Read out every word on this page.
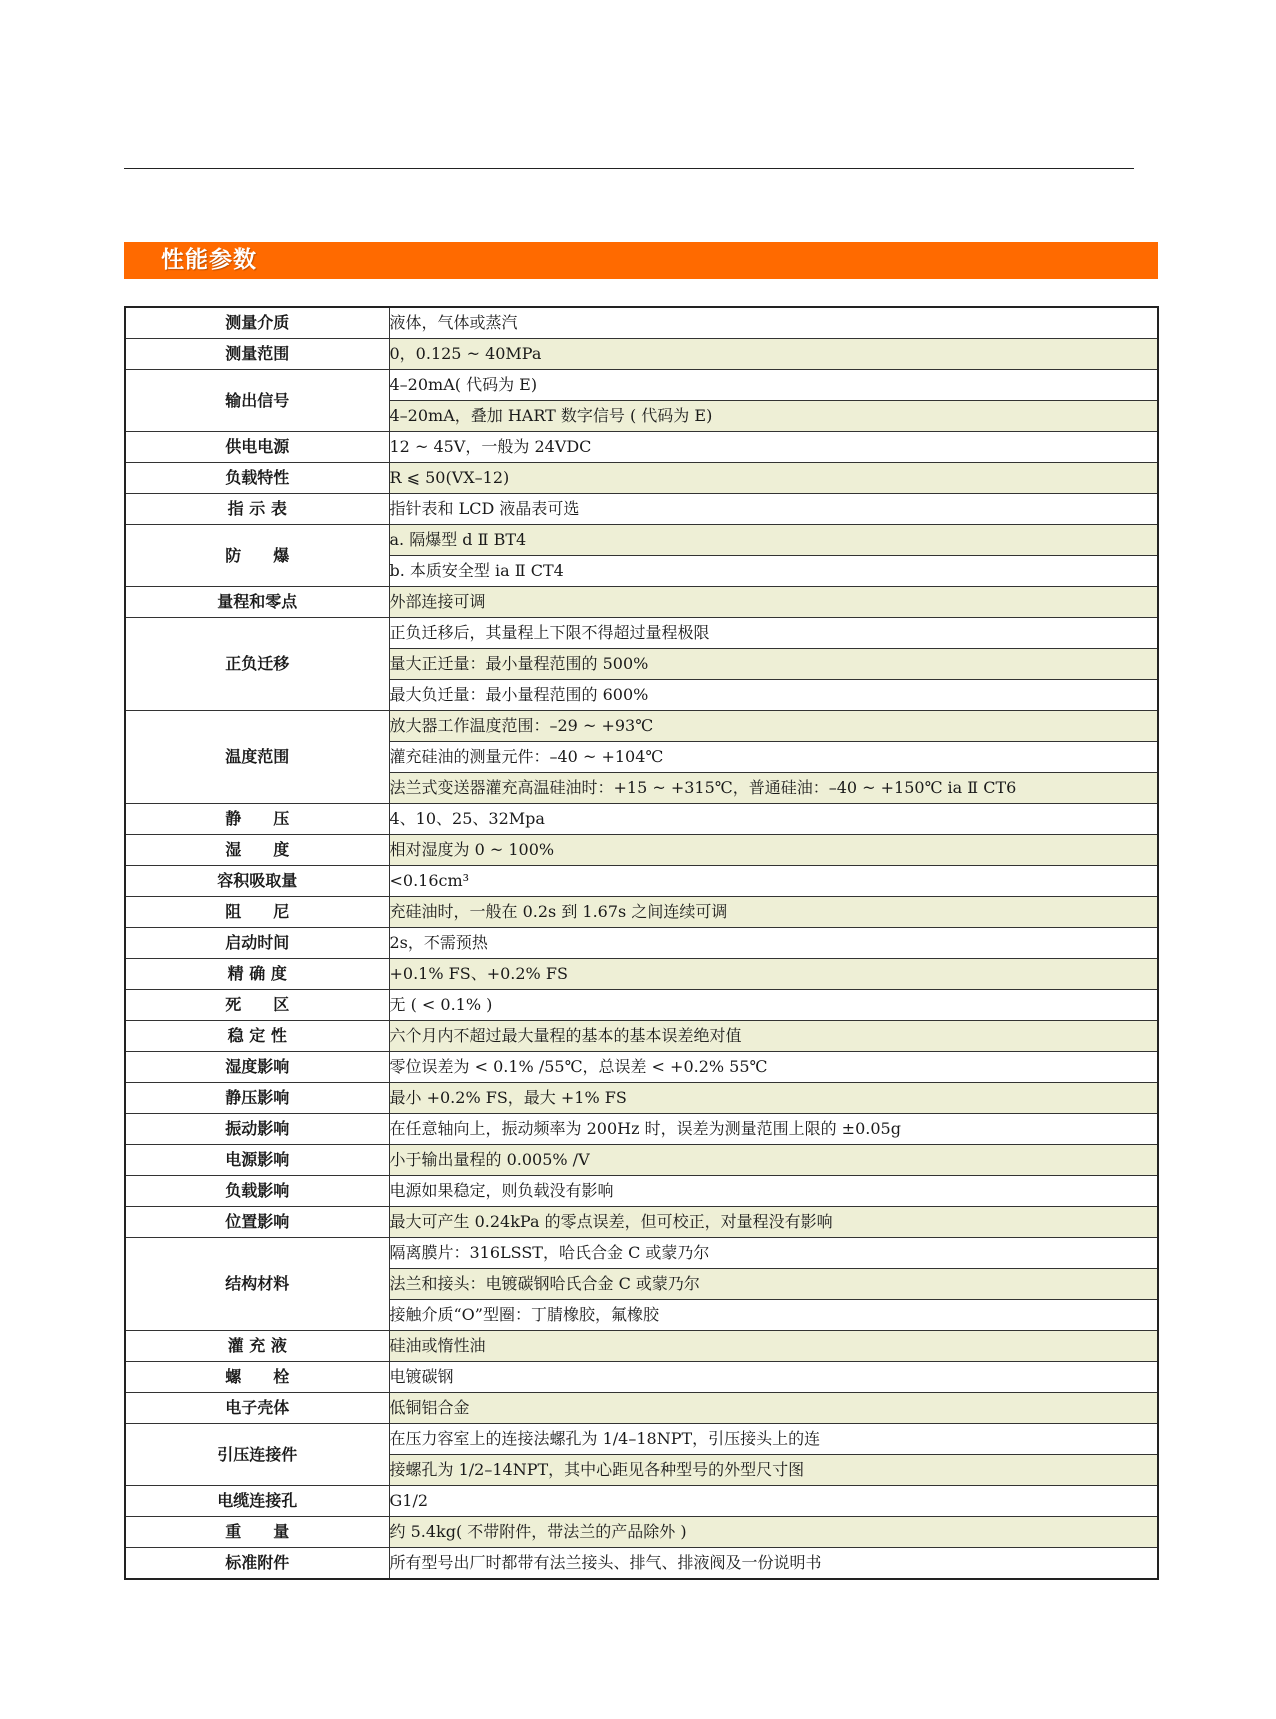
性能参数
测量介质	液体，气体或蒸汽
测量范围	0，0.125 ~ 40MPa
输出信号	4–20mA( 代码为 E)
	4–20mA，叠加 HART 数字信号 ( 代码为 E)
供电电源	12 ~ 45V，一般为 24VDC
负载特性	R ⩽ 50(VX–12)
指 示 表	指针表和 LCD 液晶表可选
防　　爆	a. 隔爆型 d Ⅱ BT4
	b. 本质安全型 ia Ⅱ CT4
量程和零点	外部连接可调
正负迁移	正负迁移后，其量程上下限不得超过量程极限
	量大正迁量：最小量程范围的 500%
	最大负迁量：最小量程范围的 600%
温度范围	放大器工作温度范围：–29 ~ +93℃
	灌充硅油的测量元件：–40 ~ +104℃
	法兰式变送器灌充高温硅油时：+15 ~ +315℃，普通硅油：–40 ~ +150℃ ia Ⅱ CT6
静　　压	4、10、25、32Mpa
湿　　度	相对湿度为 0 ~ 100%
容积吸取量	<0.16cm³
阻　　尼	充硅油时，一般在 0.2s 到 1.67s 之间连续可调
启动时间	2s，不需预热
精 确 度	+0.1% FS、+0.2% FS
死　　区	无 ( < 0.1% )
稳 定 性	六个月内不超过最大量程的基本的基本误差绝对值
湿度影响	零位误差为 < 0.1% /55℃，总误差 < +0.2% 55℃
静压影响	最小 +0.2% FS，最大 +1% FS
振动影响	在任意轴向上，振动频率为 200Hz 时，误差为测量范围上限的 ±0.05g
电源影响	小于输出量程的 0.005% /V
负载影响	电源如果稳定，则负载没有影响
位置影响	最大可产生 0.24kPa 的零点误差，但可校正，对量程没有影响
结构材料	隔离膜片：316LSST，哈氏合金 C 或蒙乃尔
	法兰和接头：电镀碳钢哈氏合金 C 或蒙乃尔
	接触介质“O”型圈：丁腈橡胶，氟橡胶
灌 充 液	硅油或惰性油
螺　　栓	电镀碳钢
电子壳体	低铜铝合金
引压连接件	在压力容室上的连接法螺孔为 1/4–18NPT，引压接头上的连
	接螺孔为 1/2–14NPT，其中心距见各种型号的外型尺寸图
电缆连接孔	G1/2
重　　量	约 5.4kg( 不带附件，带法兰的产品除外 )
标准附件	所有型号出厂时都带有法兰接头、排气、排液阀及一份说明书
